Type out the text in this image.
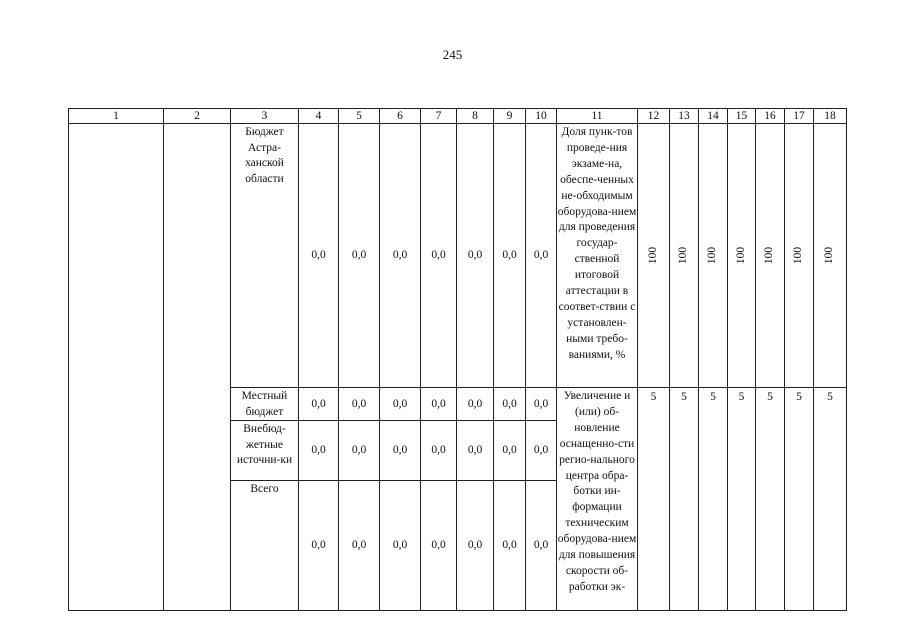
245
1	2	3	4	5	6	7	8	9	10	11	12	13	14	15	16	17	18
		Бюджет Астра-ханской области	0,0	0,0	0,0	0,0	0,0	0,0	0,0	Доля пунк-тов проведе-ния экзаме-на, обеспе-ченных не-обходимым оборудова-нием для проведения государ-ственной итоговой аттестации в соответ-ствии с установлен-ными требо-ваниями, %	100	100	100	100	100	100	100
		Местный бюджет	0,0	0,0	0,0	0,0	0,0	0,0	0,0	Увеличение и (или) об-новление оснащенно-сти регио-нального центра обра-ботки ин-формации техническим оборудова-нием для повышения скорости об-работки эк-	5	5	5	5	5	5	5
		Внебюд-жетные источни-ки	0,0	0,0	0,0	0,0	0,0	0,0	0,0								
		Всего	0,0	0,0	0,0	0,0	0,0	0,0	0,0								
